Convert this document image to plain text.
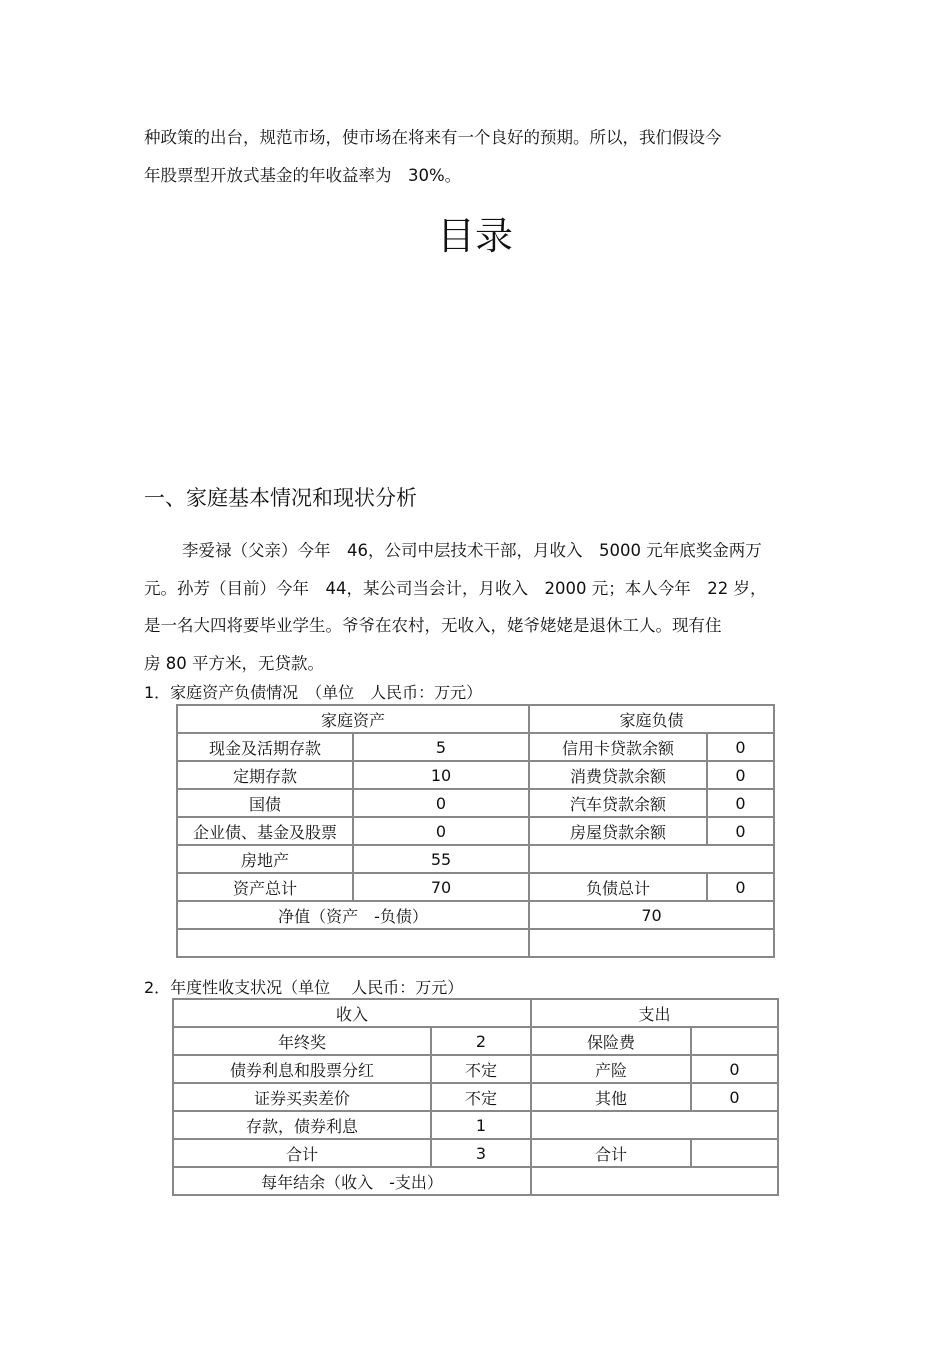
种政策的出台，规范市场，使市场在将来有一个良好的预期。所以，我们假设今
年股票型开放式基金的年收益率为　30%。
目录
一、家庭基本情况和现状分析
李爱禄（父亲）今年　46，公司中层技术干部，月收入　5000 元年底奖金两万
元。孙芳（目前）今年　44，某公司当会计，月收入　2000 元；本人今年　22 岁，
是一名大四将要毕业学生。爷爷在农村，无收入，姥爷姥姥是退休工人。现有住
房 80 平方米，无贷款。
1．家庭资产负债情况　（单位　人民币：万元）
家庭资产		家庭负债	
现金及活期存款	5	信用卡贷款余额	0
定期存款	10	消费贷款余额	0
国债	0	汽车贷款余额	0
企业债、基金及股票	0	房屋贷款余额	0
房地产	55		
资产总计	70	负债总计	0
净值（资产　-负债）		70	

2．年度性收支状况（单位　 人民币：万元）
收入		支出	
年终奖	2	保险费	
债券利息和股票分红	不定	产险	0
证券买卖差价	不定	其他	0
存款，债券利息	1		
合计	3	合计	
每年结余（收入　-支出）			
